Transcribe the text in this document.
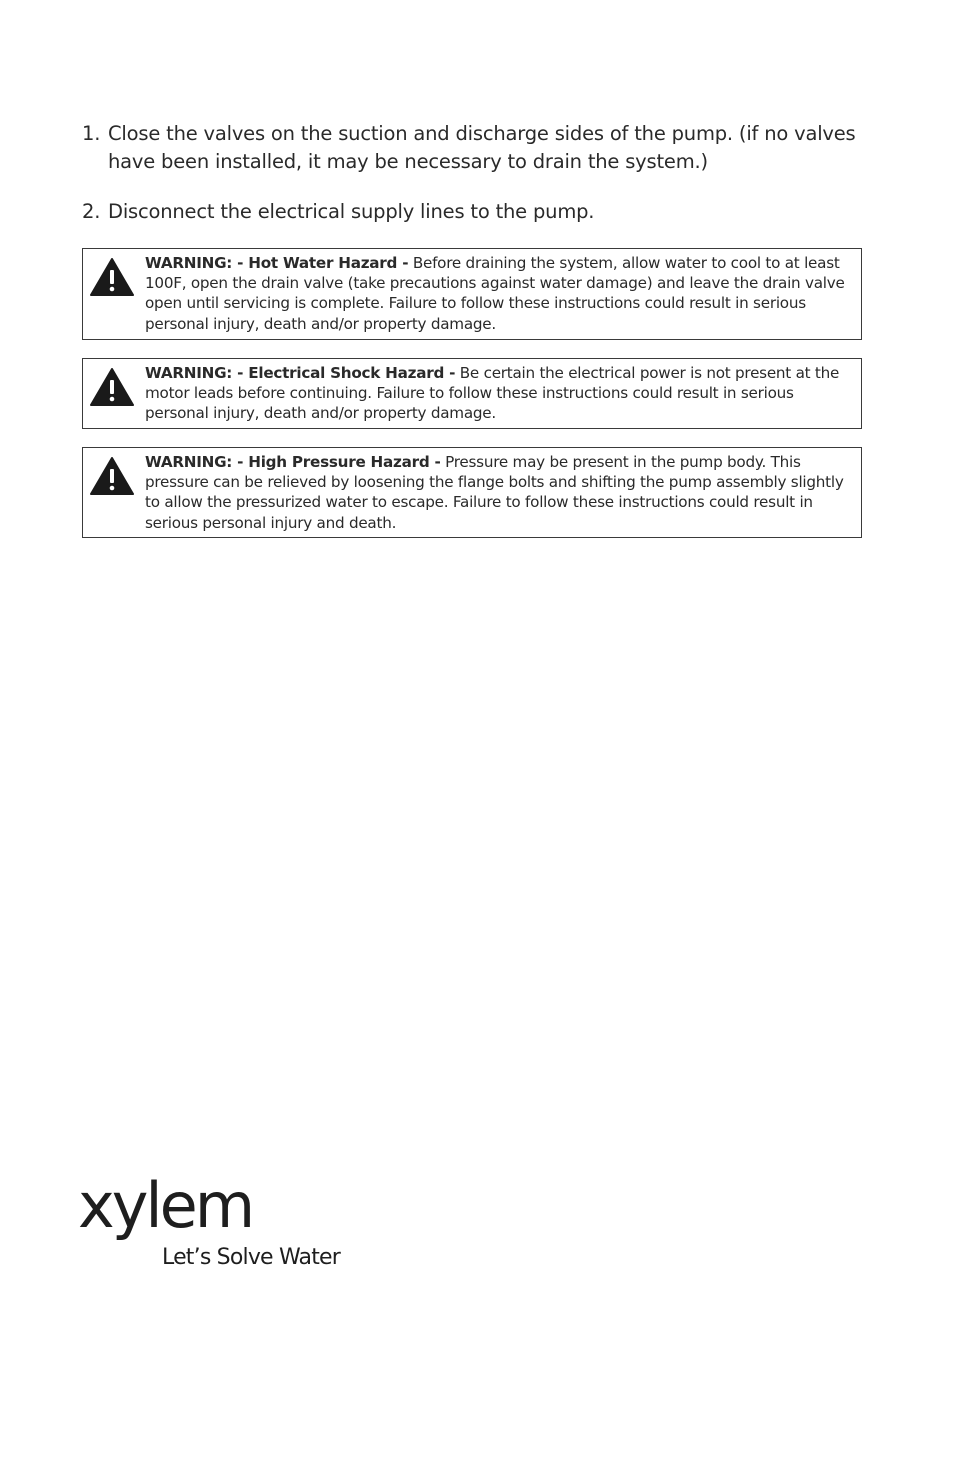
1. Close the valves on the suction and discharge sides of the pump. (if no valves have been installed, it may be necessary to drain the system.)
2. Disconnect the electrical supply lines to the pump.
WARNING: - Hot Water Hazard - Before draining the system, allow water to cool to at least 100F, open the drain valve (take precautions against water damage) and leave the drain valve open until servicing is complete. Failure to follow these instructions could result in serious personal injury, death and/or property damage.
WARNING: - Electrical Shock Hazard - Be certain the electrical power is not present at the motor leads before continuing. Failure to follow these instructions could result in serious personal injury, death and/or property damage.
WARNING: - High Pressure Hazard - Pressure may be present in the pump body. This pressure can be relieved by loosening the flange bolts and shifting the pump assembly slightly to allow the pressurized water to escape. Failure to follow these instructions could result in serious personal injury and death.
xylem
Let’s Solve Water
